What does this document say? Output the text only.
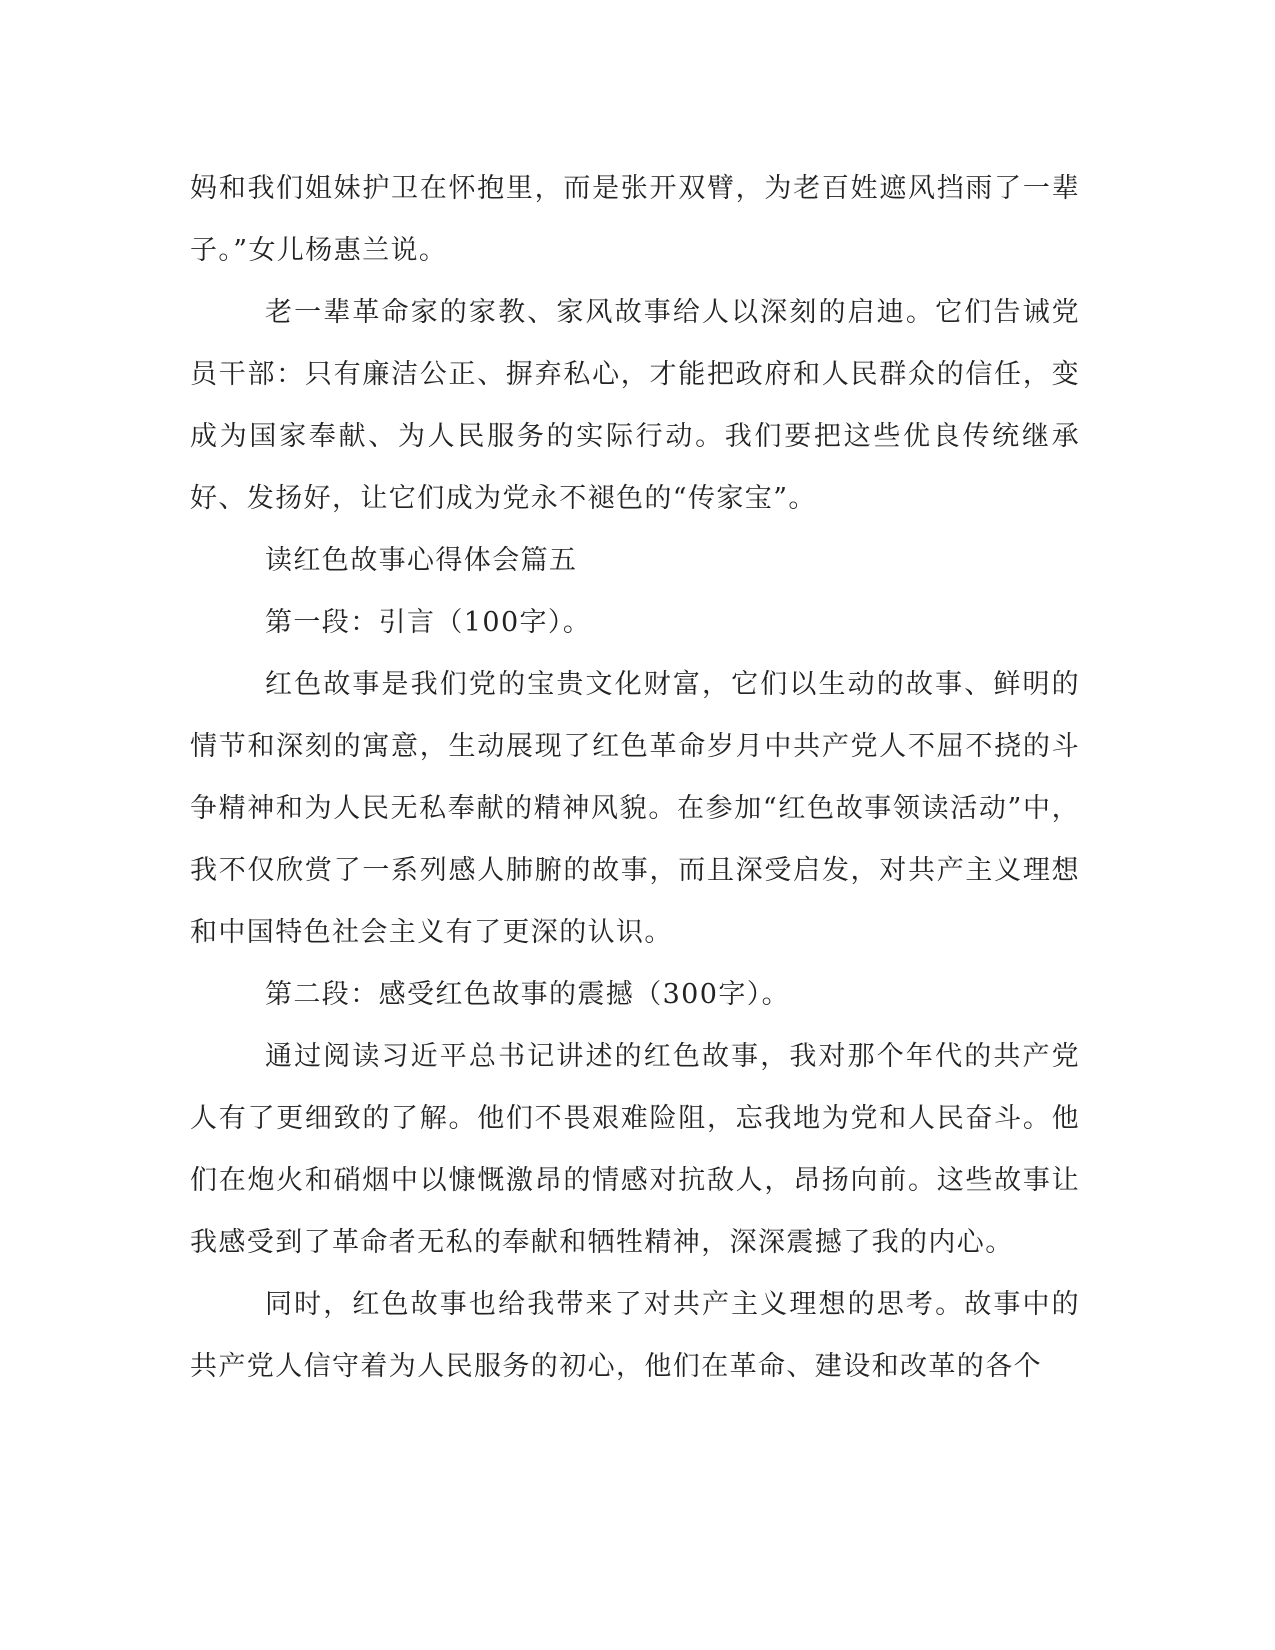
妈和我们姐妹护卫在怀抱里，而是张开双臂，为老百姓遮风挡雨了一辈子。”女儿杨惠兰说。

老一辈革命家的家教、家风故事给人以深刻的启迪。它们告诫党员干部：只有廉洁公正、摒弃私心，才能把政府和人民群众的信任，变成为国家奉献、为人民服务的实际行动。我们要把这些优良传统继承好、发扬好，让它们成为党永不褪色的“传家宝”。

读红色故事心得体会篇五

第一段：引言（100字）。

红色故事是我们党的宝贵文化财富，它们以生动的故事、鲜明的情节和深刻的寓意，生动展现了红色革命岁月中共产党人不屈不挠的斗争精神和为人民无私奉献的精神风貌。在参加“红色故事领读活动”中，我不仅欣赏了一系列感人肺腑的故事，而且深受启发，对共产主义理想和中国特色社会主义有了更深的认识。

第二段：感受红色故事的震撼（300字）。

通过阅读习近平总书记讲述的红色故事，我对那个年代的共产党人有了更细致的了解。他们不畏艰难险阻，忘我地为党和人民奋斗。他们在炮火和硝烟中以慷慨激昂的情感对抗敌人，昂扬向前。这些故事让我感受到了革命者无私的奉献和牺牲精神，深深震撼了我的内心。

同时，红色故事也给我带来了对共产主义理想的思考。故事中的共产党人信守着为人民服务的初心，他们在革命、建设和改革的各个
